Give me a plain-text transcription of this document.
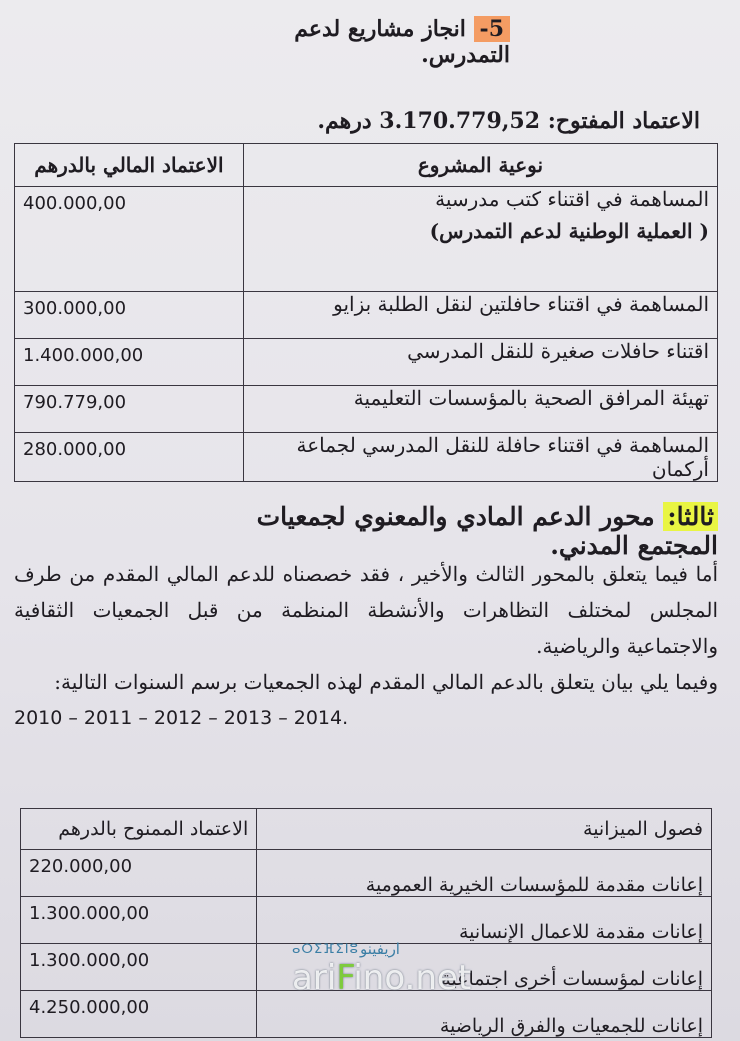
5- انجاز مشاريع لدعم التمدرس.
الاعتماد المفتوح: 3.170.779,52 درهم.
نوعية المشروع	الاعتماد المالي بالدرهم
المساهمة في اقتناء كتب مدرسية
( العملية الوطنية لدعم التمدرس)	400.000,00
المساهمة في اقتناء حافلتين لنقل الطلبة بزايو	300.000,00
اقتناء حافلات صغيرة للنقل المدرسي	1.400.000,00
تهيئة المرافق الصحية بالمؤسسات التعليمية	790.779,00
المساهمة في اقتناء حافلة للنقل المدرسي لجماعة أركمان	280.000,00
ثالثا: محور الدعم المادي والمعنوي لجمعيات المجتمع المدني.

أما فيما يتعلق بالمحور الثالث والأخير ، فقد خصصناه للدعم المالي المقدم من طرف المجلس لمختلف التظاهرات والأنشطة المنظمة من قبل الجمعيات الثقافية والاجتماعية والرياضية.

وفيما يلي بيان يتعلق بالدعم المالي المقدم لهذه الجمعيات برسم السنوات التالية:

2010 – 2011 – 2012 – 2013 – 2014.

فصول الميزانية	الاعتماد الممنوح بالدرهم
إعانات مقدمة للمؤسسات الخيرية العمومية	220.000,00
إعانات مقدمة للاعمال الإنسانية	1.300.000,00
إعانات لمؤسسات أخرى اجتماعية	1.300.000,00
إعانات للجمعيات والفرق الرياضية	4.250.000,00
ⴰⵔⵉⴼⵉⵏⵓ اريفينو
ariFino.net
